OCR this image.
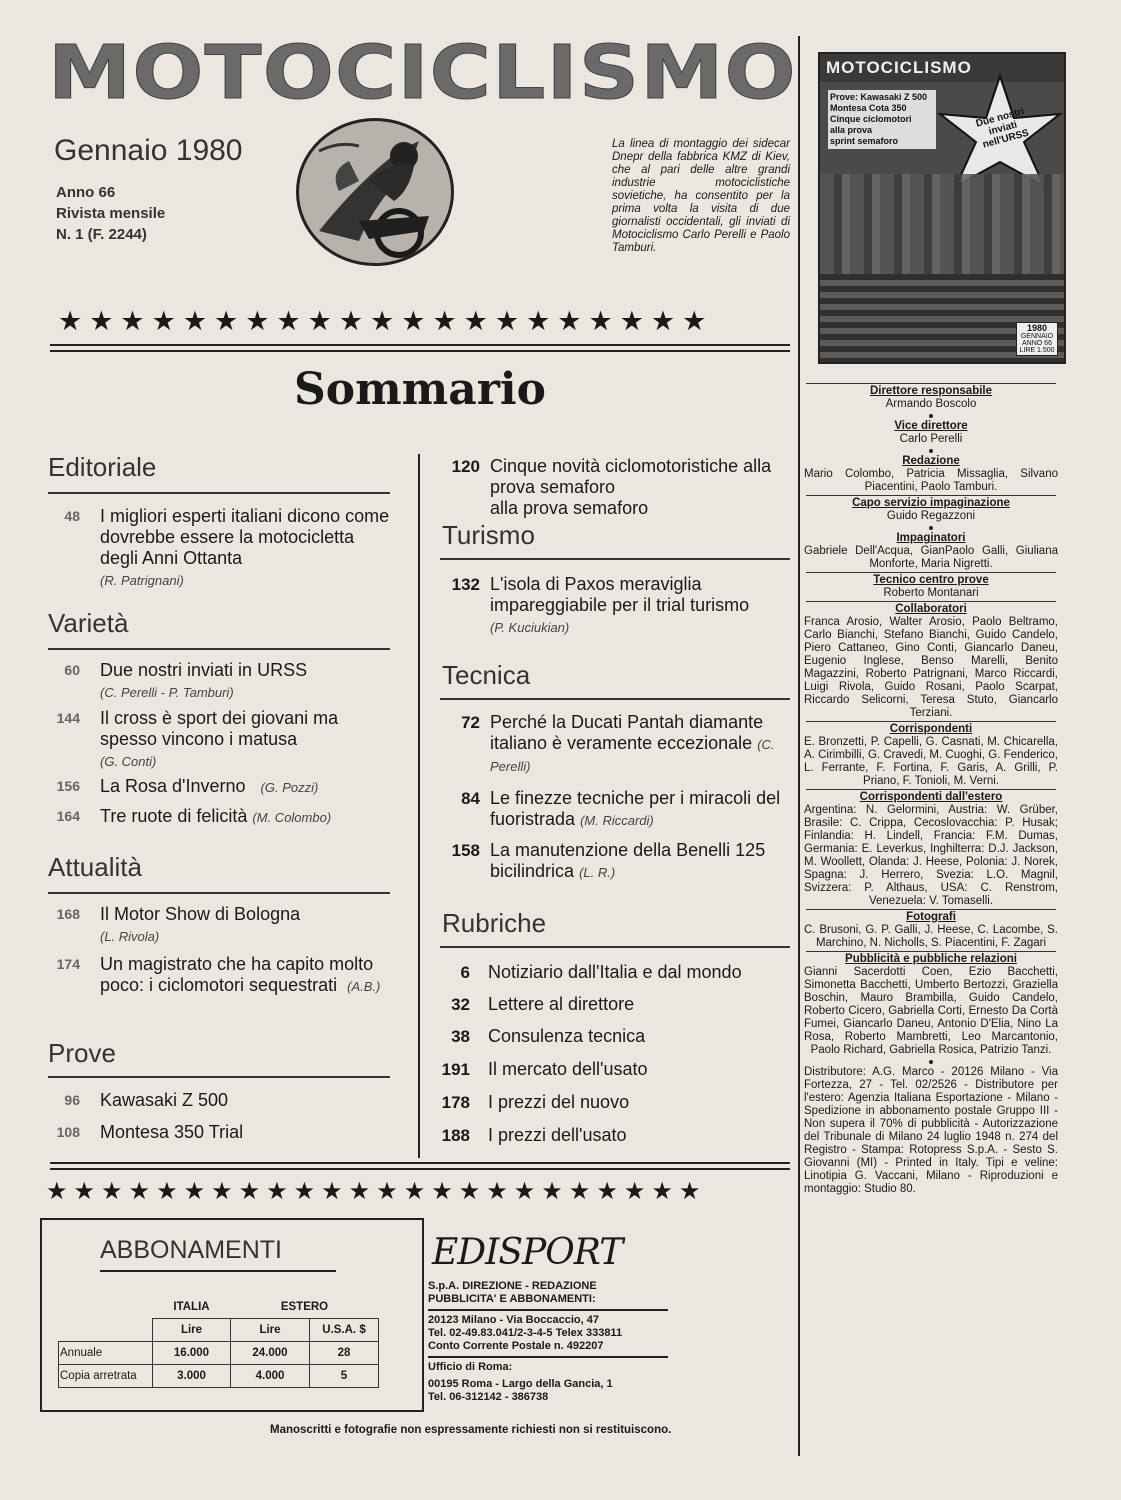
MOTOCICLISMO
Gennaio 1980
Anno 66
Rivista mensile
N. 1 (F. 2244)
La linea di montaggio dei sidecar Dnepr della fabbrica KMZ di Kiev, che al pari delle altre grandi industrie motociclistiche sovietiche, ha consentito per la prima volta la visita di due giornalisti occidentali, gli inviati di Motociclismo Carlo Perelli e Paolo Tamburi.
MOTOCICLISMO
Prove: Kawasaki Z 500
Montesa Cota 350
Cinque ciclomotori
alla prova
sprint semaforo
Due nostri inviati nell'URSS
1980
GENNAIO
ANNO 66
LIRE 1.500
★★★★★★★★★★★★★★★★★★★★★
Sommario
Editoriale
48 I migliori esperti italiani dicono come dovrebbe essere la motocicletta degli Anni Ottanta
(R. Patrignani)
Varietà
60 Due nostri inviati in URSS
(C. Perelli - P. Tamburi)
144 Il cross è sport dei giovani ma spesso vincono i matusa
(G. Conti)
156 La Rosa d'Inverno (G. Pozzi)
164 Tre ruote di felicità (M. Colombo)
Attualità
168 Il Motor Show di Bologna
(L. Rivola)
174 Un magistrato che ha capito molto poco: i ciclomotori sequestrati (A.B.)
Prove
96 Kawasaki Z 500
108 Montesa 350 Trial
120 Cinque novità ciclomotoristiche alla prova semaforo
alla prova semaforo
Turismo
132 L'isola di Paxos meraviglia impareggiabile per il trial turismo
(P. Kuciukian)
Tecnica
72 Perché la Ducati Pantah diamante italiano è veramente eccezionale (C. Perelli)
84 Le finezze tecniche per i miracoli del fuoristrada (M. Riccardi)
158 La manutenzione della Benelli 125 bicilindrica (L. R.)
Rubriche
6 Notiziario dall'Italia e dal mondo
32 Lettere al direttore
38 Consulenza tecnica
191 Il mercato dell'usato
178 I prezzi del nuovo
188 I prezzi dell'usato
★★★★★★★★★★★★★★★★★★★★★★★★
Direttore responsabile
Armando Boscolo
Vice direttore
Carlo Perelli
Redazione
Mario Colombo, Patricia Missaglia, Silvano Piacentini, Paolo Tamburi.
Capo servizio impaginazione
Guido Regazzoni
Impaginatori
Gabriele Dell'Acqua, GianPaolo Galli, Giuliana Monforte, Maria Nigretti.
Tecnico centro prove
Roberto Montanari
Collaboratori
Franca Arosio, Walter Arosio, Paolo Beltramo, Carlo Bianchi, Stefano Bianchi, Guido Candelo, Piero Cattaneo, Gino Conti, Giancarlo Daneu, Eugenio Inglese, Benso Marelli, Benito Magazzini, Roberto Patrignani, Marco Riccardi, Luigi Rivola, Guido Rosani, Paolo Scarpat, Riccardo Selicorni, Teresa Stuto, Giancarlo Terziani.
Corrispondenti
E. Bronzetti, P. Capelli, G. Casnati, M. Chicarella, A. Cirimbilli, G. Cravedi, M. Cuoghi, G. Fenderico, L. Ferrante, F. Fortina, F. Garis, A. Grilli, P. Priano, F. Tonioli, M. Verni.
Corrispondenti dall'estero
Argentina: N. Gelormini, Austria: W. Grüber, Brasile: C. Crippa, Cecoslovacchia: P. Husak; Finlandia: H. Lindell, Francia: F.M. Dumas, Germania: E. Leverkus, Inghilterra: D.J. Jackson, M. Woollett, Olanda: J. Heese, Polonia: J. Norek, Spagna: J. Herrero, Svezia: L.O. Magnil, Svizzera: P. Althaus, USA: C. Renstrom, Venezuela: V. Tomaselli.
Fotografi
C. Brusoni, G. P. Galli, J. Heese, C. Lacombe, S. Marchino, N. Nicholls, S. Piacentini, F. Zagari
Pubblicità e pubbliche relazioni
Gianni Sacerdotti Coen, Ezio Bacchetti, Simonetta Bacchetti, Umberto Bertozzi, Graziella Boschin, Mauro Brambilla, Guido Candelo, Roberto Cicero, Gabriella Corti, Ernesto Da Cortà Fumei, Giancarlo Daneu, Antonio D'Elia, Nino La Rosa, Roberto Mambretti, Leo Marcantonio, Paolo Richard, Gabriella Rosica, Patrizio Tanzi.
Distributore: A.G. Marco - 20126 Milano - Via Fortezza, 27 - Tel. 02/2526 - Distributore per l'estero: Agenzia Italiana Esportazione - Milano - Spedizione in abbonamento postale Gruppo III - Non supera il 70% di pubblicità - Autorizzazione del Tribunale di Milano 24 luglio 1948 n. 274 del Registro - Stampa: Rotopress S.p.A. - Sesto S. Giovanni (MI) - Printed in Italy. Tipi e veline: Linotipia G. Vaccani, Milano - Riproduzioni e montaggio: Studio 80.
ABBONAMENTI
	ITALIA	ESTERO	
	Lire	Lire	U.S.A. $
Annuale	16.000	24.000	28
Copia arretrata	3.000	4.000	5
EDISPORT
S.p.A. DIREZIONE - REDAZIONE
PUBBLICITA' E ABBONAMENTI:
20123 Milano - Via Boccaccio, 47
Tel. 02-49.83.041/2-3-4-5 Telex 333811
Conto Corrente Postale n. 492207
Ufficio di Roma:
00195 Roma - Largo della Gancia, 1
Tel. 06-312142 - 386738
Manoscritti e fotografie non espressamente richiesti non si restituiscono.
